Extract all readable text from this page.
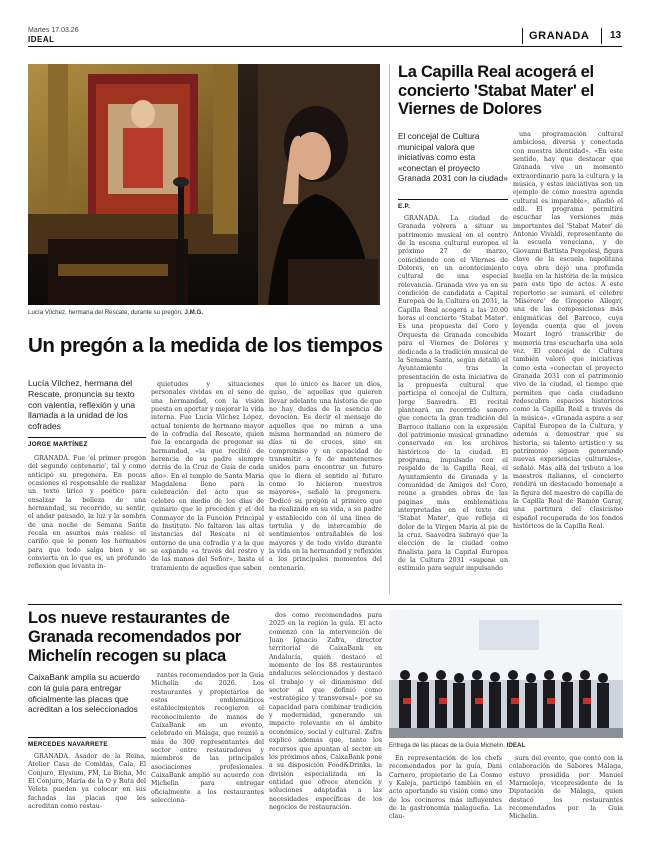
Martes 17.03.26
IDEAL	GRANADA 13
Lucía Vílchez, hermana del Rescate, durante su pregón. J.M.G.
Un pregón a la medida de los tiempos
Lucía Vílchez, hermana del Rescate, pronuncia su texto con valentía, reflexión y una llamada a la unidad de los cofrades
JORGE MARTÍNEZ

GRANADA. Fue 'el primer pregón del segundo centenario', tal y como anticipó su pregonera. En pocas ocasiones el responsable de realizar un texto lírico y poético para ensalzar la belleza de una hermandad, su recorrido, su sentir, el andar pausado, la luz y la sombra de una noche de Semana Santa recala en asuntos más reales: el cariño que le ponen los hermanos para que todo salga bien y se convierta en lo que es, un profundo reflexión que levanta in-

quietudes y situaciones personales vividas en el seno de una hermandad, con la visión puesta en aportar y mejorar la vida interna. Fue Lucía Vílchez López, actual teniente de hermano mayor de la cofradía del Rescate, quien fue la encargada de pregonar su hermandad, «la que recibió de herencia de su padre siempre detrás de la Cruz de Guía de cada año». En el templo de Santa María Magdalena lleno para la celebración del acto que se celebró en medio de los días de quinario que le preceden y el del Conmayor de la Función Principal de Instituto. No faltaron las altas instancias del Rescate ni el entorno de una cofradía y a la que se expande «a través del rostro y de las manos del Señor», hasta el tratamiento de aquellos que saben

que lo único es hacer un dios, quiso, de aquellas que quieren llevar adelante una historia de que no hay dudas de la esencia de devoción. Es decir el mensaje de aquellos que no miran a una misma hermandad en número de días ni de cruces, sino en compromiso y en capacidad de transmitir a fe de mantenernos unidos para encontrar un futuro que le diera el sentido al futuro como lo hicieron nuestros mayores», señaló la pregonera. Dedicó su pregón al primero que ha realizado en su vida, a su padre y establecido con él una línea de tertulia y de intercambio de sentimientos entrañables de los mayores y de todo vivido durante la vida en la hermandad y reflexión a los principales momentos del centenario.

La Capilla Real acogerá el concierto 'Stabat Mater' el Viernes de Dolores
El concejal de Cultura municipal valora que iniciativas como esta «conectan el proyecto Granada 2031 con la ciudad»
E.P.

GRANADA. La ciudad de Granada volverá a situar su patrimonio musical en el centro de la escena cultural europea el próximo 27 de marzo, coincidiendo con el Viernes de Dolores, en un acontecimiento cultural de una especial relevancia. Granada vive ya en su condición de candidata a Capital Europea de la Cultura en 2031, la Capilla Real acogerá a las 20.00 horas el concierto 'Stabat Mater'. Es una propuesta del Coro y Orquesta de Granada concebida para el Viernes de Dolores y dedicada a la tradición musical de la Semana Santa, según detalló el Ayuntamiento tras la presentación de esta iniciativa de la propuesta cultural que participa el concejal de Cultura, Jorge Saavedra. El recital planteará un recorrido sonoro que conecta la gran tradición del Barroco italiano con la expresión del patrimonio musical granadino conservado en los archivos históricos de la ciudad. El programa, impulsado con el respaldo de la Capilla Real, el Ayuntamiento de Granada y la comunidad de Amigos del Coro, reúne a grandes obras de las páginas más emblemáticas interpretadas en el texto del 'Stabat Mater', que refleja el dolor de la Virgen María al pie de la cruz. Saavedra subrayó que la elección de la ciudad como finalista para la Capital Europea de la Cultura 2031 «supone un estímulo para seguir impulsando

una programación cultural ambiciosa, diversa y conectada con nuestra identidad». «En este sentido, hay que destacar que Granada vive un momento extraordinario para la cultura y la música, y estas iniciativas son un ejemplo de cómo nuestra agenda cultural es imparable», añadió el edil. El programa permitirá escuchar las versiones más importantes del 'Stabat Mater' de Antonio Vivaldi, representante de la escuela veneciana, y de Giovanni Battista Pergolesi, figura clave de la escuela napolitana cuya obra dejó una profunda huella en la historia de la música para este tipo de actos. A este repertorio se sumará el célebre 'Miserere' de Gregorio Allegri, una de las composiciones más enigmáticas del Barroco, cuya leyenda cuenta que el joven Mozart logró transcribir de memoria tras escucharla una sola vez. El concejal de Cultura también valoró que iniciativas como esta «conectan el proyecto Granada 2031 con el patrimonio vivo de la ciudad, el tiempo que permiten que cada ciudadano redescubra espacios históricos como la Capilla Real a través de la música». «Granada aspira a ser Capital Europea de la Cultura, y además a demostrar que su historia, su talento artístico y su patrimonio siguen generando nuevas experiencias culturales», señaló. Más allá del tributo a los maestros italianos, el concierto rendirá un destacado homenaje a la figura del maestro de capilla de la Capilla Real de Ramón Garay, una partitura del clasicismo español recuperada de los fondos históricos de la Capilla Real.

Los nueve restaurantes de Granada recomendados por Michelín recogen su placa
CaixaBank amplía su acuerdo con la guía para entregar oficialmente las placas que acreditan a los seleccionados
MERCEDES NAVARRETE

GRANADA. Asador de la Reina, Atelier Casa de Comidas, Cala, El Conjuro, Elysium, FM, La Bicha, Mc El Conjuro, María de la O y Ruta del Veleta pueden ya colocar en sus fachadas las placas que les acreditan como restau-

rantes recomendados por la Guía Michelin de 2026. Los restaurantes y propietarios de estos emblemáticos establecimientos recogieron el reconocimiento de manos de CaixaBank en un evento, celebrado en Málaga, que reunió a más de 300 representantes del sector entre restauradores y miembros de las principales asociaciones profesionales. CaixaBank amplió su acuerdo con Michelin para entregar oficialmente a los restaurantes selecciona-

dos como recomendados para 2025 en la región la guía. El acto comenzó con la intervención de Juan Ignacio Zafra, director territorial de CaixaBank en Andalucía, quien destacó el momento de los 88 restaurantes andaluces seleccionados y destacó el trabajo y el dinamismo del sector al que definió como «estratégico y transversal» por su capacidad para combinar tradición y modernidad, generando un impacto relevante en el ámbito económico, social y cultural. Zafra explicó además que, tanto los recursos que apuntan al sector en los próximos años, CaixaBank pone a su disposición Food&Drinks, la división especializada en la entidad que ofrece atención y soluciones adaptadas a las necesidades específicas de los negocios de restauración.

Entrega de las placas de la Guía Michelin. IDEAL

En representación de los chefs recomendados por la guía, Dani Carnero, propietario de La Cosmo y Kaleja, participó también en el acto aportando su visión como uno de los cocineros más influyentes de la gastronomía malagueña. La clau-

sura del evento, que contó con la colaboración de Sabores Málaga, estuvo presidida por Manuel Marmolejo, vicepresidente de la Diputación de Málaga, quien destacó los restaurantes recomendados por la Guía Michelin.
